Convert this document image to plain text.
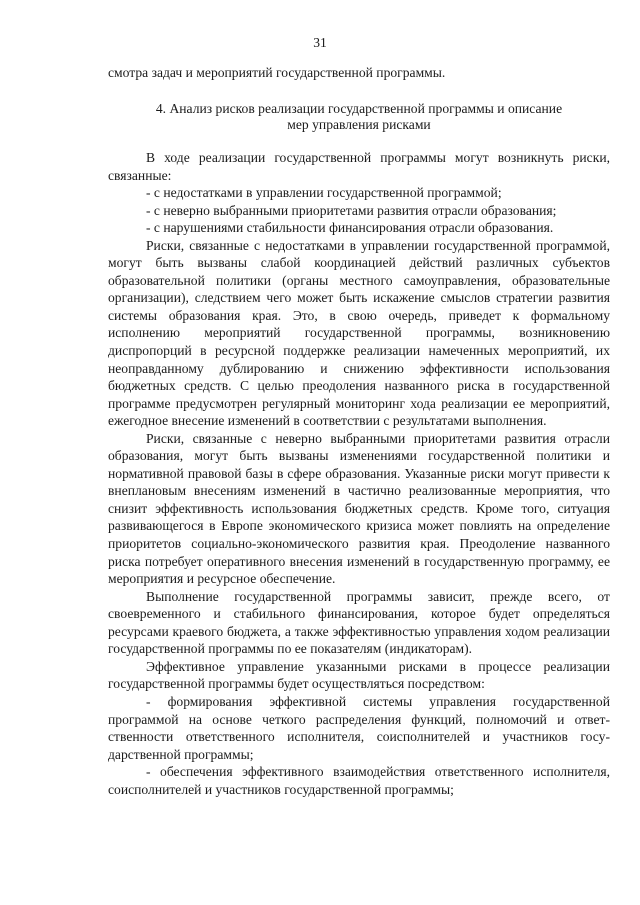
31
смотра задач и мероприятий государственной программы.
4. Анализ рисков реализации государственной программы и описание
мер управления рисками

В ходе реализации государственной программы могут возникнуть риски, связанные:

- с недостатками в управлении государственной программой;

- с неверно выбранными приоритетами развития отрасли образования;

- с нарушениями стабильности финансирования отрасли образования.

Риски, связанные с недостатками в управлении государственной программой, могут быть вызваны слабой координацией действий различных субъектов образовательной политики (органы местного самоуправления, образовательные организации), следствием чего может быть искажение смыслов стратегии развития системы образования края. Это, в свою очередь, приведет к формальному исполнению мероприятий государственной программы, возникновению диспропорций в ресурсной поддержке реализации намеченных мероприятий, их неоправданному дублированию и снижению эффективности использования бюджетных средств. С целью преодоления названного риска в государственной программе предусмотрен регулярный мониторинг хода реализации ее мероприятий, ежегодное внесение изменений в соответствии с результатами выполнения.

Риски, связанные с неверно выбранными приоритетами развития отрасли образования, могут быть вызваны изменениями государственной политики и нормативной правовой базы в сфере образования. Указанные риски могут привести к внеплановым внесениям изменений в частично реализованные мероприятия, что снизит эффективность использования бюджетных средств. Кроме того, ситуация развивающегося в Европе экономического кризиса может повлиять на определение приоритетов социально-экономического развития края. Преодоление названного риска потребует оперативного внесения изменений в государственную программу, ее мероприятия и ресурсное обеспечение.

Выполнение государственной программы зависит, прежде всего, от своевременного и стабильного финансирования, которое будет определяться ресурсами краевого бюджета, а также эффективностью управления ходом реализации государственной программы по ее показателям (индикаторам).

Эффективное управление указанными рисками в процессе реализации государственной программы будет осуществляться посредством:

- формирования эффективной системы управления государственной программой на основе четкого распределения функций, полномочий и ответственности ответственного исполнителя, соисполнителей и участников государственной программы;

- обеспечения эффективного взаимодействия ответственного исполнителя, соисполнителей и участников государственной программы;
